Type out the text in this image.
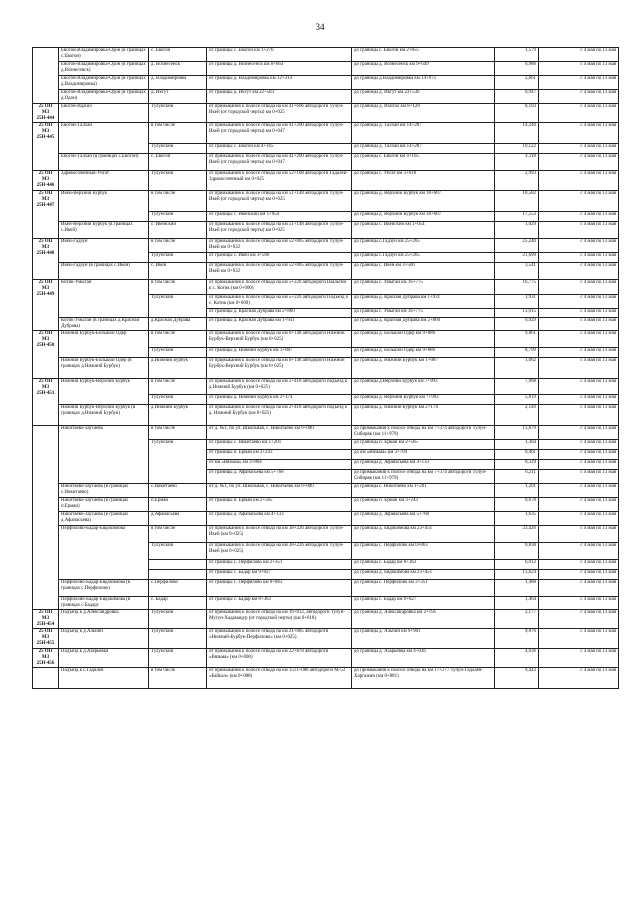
34
	Евогон-Владимировка-Одон (в границах с.Евогон)	с. Евогон	от границы с. Евогон км 1+276	до границы с. Евогон км 2+855	1,579	с 4 мая по 13 мая
	Евогон-Владимировка-Одон (в границах д.Вознесенск)	д. Вознесенск	от границы д. Вознесенск км 8+663	до границы д. Вознесенск км 9+649	0,986	с 4 мая по 13 мая
	Евогон-Владимировка-Одон (в границах д.Владимировка)	д. Владимировка	от границы д. Владимировка км 12+314	до границы д.Владимировка км 14+975	2,661	с 4 мая по 13 мая
	Евогон-Владимировка-Одон (в границах д.Одон)	д. Икгут	от границы д. Икгут км 22+583	до границы д. Икгут км 23+530	0,947	с 4 мая по 13 мая
25 ОП МЗ 25Н-444	Евогон-Иджил	Тулунский	от примыкания к полосе отвода на км 41+606 автодороги Тулун-Икей (от городской черты) км 0+025	до границы д. Ихнгал км 8+128	8,103	с 4 мая по 13 мая
25 ОП МЗ 25Н-445	Евогон-Талхан	в том числе	от примыкания к полосе отвода на км 41+200 автодороги Тулун-Икей (от городской черты) км 0+047	до границы д. Талхан км 14+287	14,240	с 4 мая по 13 мая
		Тулунский	от границы с. Евогон км 4+165	до границы д. Талхан км 14+287	10,122	с 4 мая по 13 мая
	Евогон-Талхан (в границах с.Евогон)	с. Евогон	от примыкания к полосе отвода на км 41+200 автодороги Тулун-Икей (от городской черты) км 0+047	до границы с. Евогон км 4+165	4,118	с 4 мая по 13 мая
25 ОП МЗ 25Н-446	Здравосоченный-Убгат	Тулунский	от примыкания к полосе отвода на км 52+108 автодороги Гадалей-Здравосоченный км 0+025	до границы с. Убгат км 3+018	2,993	с 4 мая по 13 мая
25 ОП МЗ 25Н-447	Икей-Верхний Бурбук	в том числе	от примыкания к полосе отвода на км 51+148 автодороги Тулун-Икей (от городской черты) км 0+025	до границы д. Верхний Бурбук км 18+607	18,582	с 4 мая по 13 мая
		Тулунский	от границы с. Икейский км 1+054	до границы д. Верхний Бурбук км 18+607	17,553	с 4 мая по 13 мая
	Икей-Верхний Бурбук (в границах с.Икей)	с. Икейский	от примыкания к полосе отвода на км 51+148 автодороги Тулун-Икей (от городской черты) км 0+025	до границы с. Икейский км 1+054	1,029	с 4 мая по 13 мая
25 ОП МЗ 25Н-448	Икей-Гадзун	в том числе	от примыкания к полосе отвода на км 52+005 автодороги Тулун-Икей км 0+032	до границы с.Гадзун км 25+265	25,240	с 4 мая по 13 мая
		Тулунский	от границы с. Икей км 3+566	до границы с.Гадзун км 25+265	21,699	с 4 мая по 13 мая
	Икей-Гадзун (в границах с.Икей)	с. Икей	от примыкания к полосе отвода на км 52+005 автодороги Тулун-Икей км 0+032	до границы с. Икей км 3+566	3,541	с 4 мая по 13 мая
25 ОП МЗ 25Н-449	Котик-Умыган	в том числе	от примыкания к полосе отвода на км 5+220 автодороги Шальгин к с. Котик (км 0+000)	до границы с. Умыган км 16+775	16,775	с 4 мая по 13 мая
		Тулунский	от примыкания к полосе отвода на км 5+220 автодороги Подъезд к с. Котик (км 0+000)	до границы д. Красная Дубрава км 1+931	1,931	с 4 мая по 13 мая
			от границы д. Красная Дубрава км 2+860	до границы с. Умыган км 16+775	13,915	с 4 мая по 13 мая
	Котик-Умыган (в границах д.Красная Дубрава)	д.Красная Дубрава	от границы д. Красная Дубрава км 1+931	до границы д. Красная Дубрава км 2+860	0,929	с 4 мая по 13 мая
25 ОП МЗ 25Н-450	Нижний Бурбук-Большой Одер	в том числе	от примыкания к полосе отвода на км 0+148 автодороги Нижний Бурбук-Верхний Бурбук (км 0+025)	до границы д. Большой Одер км 9+886	9,861	с 4 мая по 13 мая
		Тулунский	от границы д. Нижний Бурбук км 1+087	до границы д. Большой Одер км 9+886	8,799	с 4 мая по 13 мая
	Нижний Бурбук-Большой Одер (в границах д.Нижний Бурбук)	д.Нижний Бурбук	от примыкания к полосе отвода на км 0+148 автодороги Нижний Бурбук-Верхний Бурбук (км 0+025)	до границы д. Нижний Бурбук км 1+087	1,062	с 4 мая по 13 мая
25 ОП МЗ 25Н-451	Нижний Бурбук-Верхний Бурбук	в том числе	от примыкания к полосе отвода на км 2+418 автодороги подъезд к д.Нижний Бурбук (км 0+025)	до границы д.Верхний Бурбук км 7+993	7,968	с 4 мая по 13 мая
		Тулунский	от границы д. Нижний Бурбук км 2+174	до границы д. Верхний Бурбук км 7+993	5,819	с 4 мая по 13 мая
	Нижний Бурбук-Верхний Бурбук (в границах д.Нижний Бурбук)	д.Нижний Бурбук	от примыкания к полосе отвода на км 2+418 автодороги подъезд к д. Нижний Бурбук (км 0+025)	до границы д. Нижний Бурбук км 2+174	2,149	с 4 мая по 13 мая
	Никитаево-Заусаева	в том числе	от д. №1, по ул. Школьная, с. Никитаево км 0+000	до примыкания к полосе отвода на км 7+374 автодороги Тулун-Сибиряк (км 11+979)	13,879	с 4 мая по 13 мая
		Тулунский	от границы с. Никитаево км 1+201	до границы п. Ерман км 2+565	1,364	с 4 мая по 13 мая
			от границы п. Ерман км 3+243	до км «Вязьма» км 3+704	0,461	с 4 мая по 13 мая
			от км «Вязьма» км 3+804	до границы д. Афанасьева км 4+133	0,329	с 4 мая по 13 мая
			от границы д. Афанасьева км 5+768	до примыкания к полосе отвода на км 7+374 автодороги Тулун-Сибиряк (км 11+979)	6,211	с 4 мая по 13 мая
	Никитаево-Заусаева (в границах с.Никитаево)	с.Никитаево	от д. №1, по ул. Школьная, с. Никитаево км 0+000	до границы с. Никитаево км 1+201	1,201	с 4 мая по 13 мая
	Никитаево-Заусаева (в границах п.Ерман)	п.Ерман	от границы п. Ерман км 2+565	до границы п. Ерман км 3+243	0,678	с 4 мая по 13 мая
	Никитаево-Заусаева (в границах д.Афанасьева)	д.Афанасьева	от границы д. Афанасьева км 4+133	до границы д. Афанасьева км 5+768	1,635	с 4 мая по 13 мая
	Перфилово-Бадар-Евдокимова	в том числе	от примыкания к полосе отвода на км 38+226 автодороги Тулун-Икей (км 0+025)	до границы д. Евдокимова км 23+451	23,426	с 4 мая по 13 мая
		Тулунский	от примыкания к полосе отвода на км 38+226 автодороги Тулун-Икей (км 0+025)	до границы с. Перфилово км 0+863	0,838	с 4 мая по 13 мая
			от границы с. Перфилово км 2+351	до границы с. Бадар км 8+363	6,012	с 4 мая по 13 мая
			от границы с. Бадар км 9+827	до границы д. Евдокимова км 23+451	13,624	с 4 мая по 13 мая
	Перфилово-Бадар-Евдокимова (в границах с.Перфилово)	с.Перфилово	от границы с. Перфилово км 0+863	до границы с. Перфилово км 2+351	1,488	с 4 мая по 13 мая
	Перфилово-Бадар-Евдокимова (в границах с.Бадар)	с. Бадар	от границы с. Бадар км 8+363	до границы с. Бадар км 9+827	1,464	с 4 мая по 13 мая
25 ОП МЗ 25Н-454	Подъезд к д.Александровка	Тулунский	от примыкания к полосе отвода на км 16+812, автодороги Тулун-Мугун-Хадамацур (от городской черты) (км 0+018)	до границы д. Александровка км 2+195	2,177	с 4 мая по 13 мая
25 ОП МЗ 25Н-455	Подъезд к д.Альбин	Тулунский	от примыкания к полосе отвода на км 21+085 автодороги «Нижний-Бурбук-Перфилово» (км 0+025)	до границы д. Альбин км 9+901	9,876	с 4 мая по 13 мая
25 ОП МЗ 25Н-456	Подъезд к д.Азарьевка	Тулунский	от примыкания к полосе отвода на км 22+878 автодороги «Вязьма» (км 0+000)	до границы д. Азарьевка км 4+036	4,036	с 4 мая по 13 мая
	Подъезд к с.Гадалей	в том числе	от примыкания к полосе отвода на км 1511+088 автодороги М-53 «Байкал» (км 0+088)	до примыкания к полосе отвода на км 17+277 Тулун-Гадалей-Харгажин (км 0+881)	9,443	с 4 мая по 13 мая
